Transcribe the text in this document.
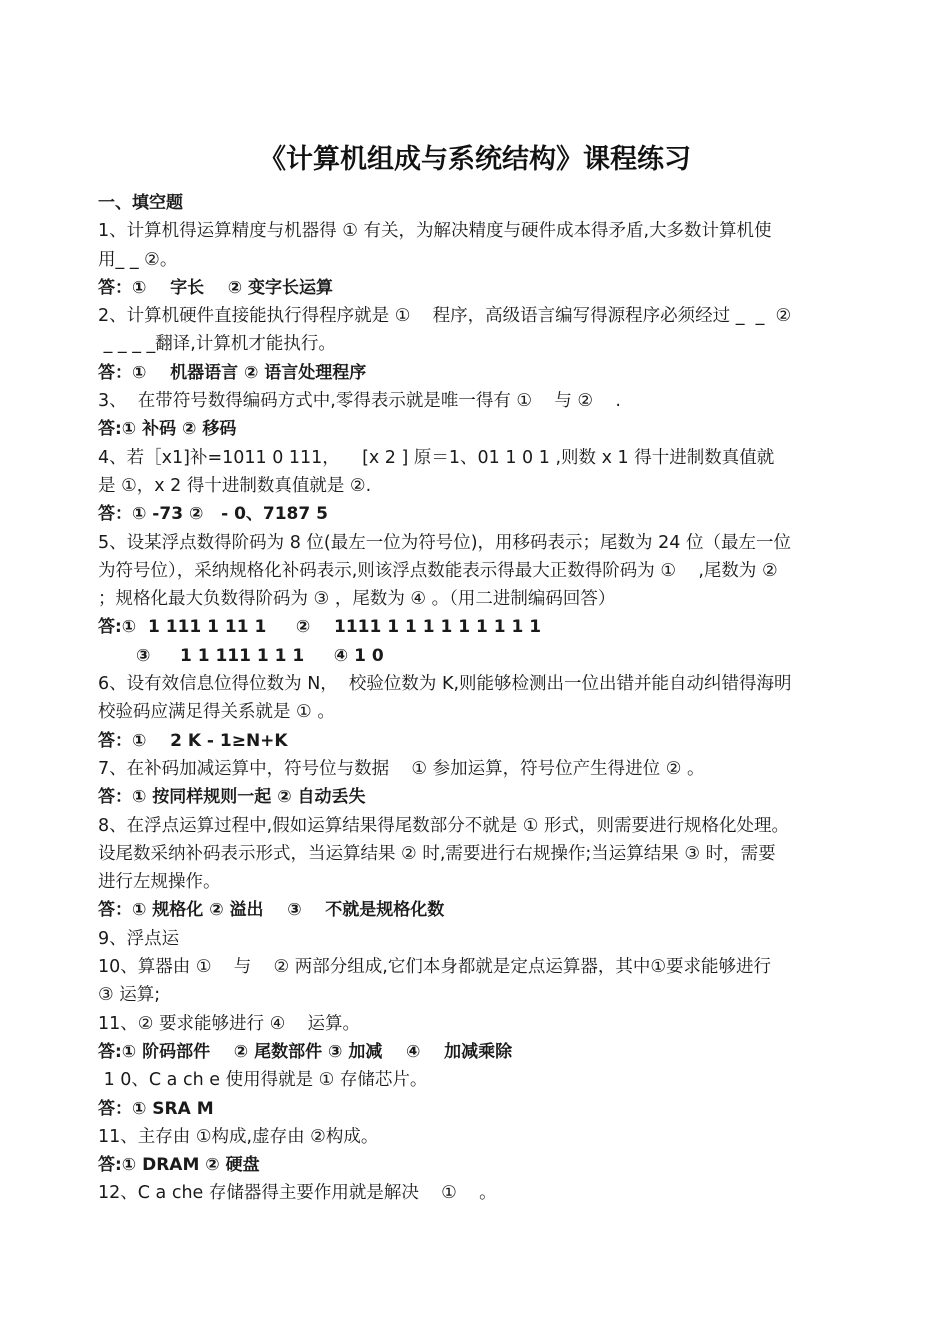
《计算机组成与系统结构》课程练习
一、填空题
1、计算机得运算精度与机器得 ① 有关，为解决精度与硬件成本得矛盾,大多数计算机使
用_ _ ②。
答：①    字长    ② 变字长运算
2、计算机硬件直接能执行得程序就是 ①    程序，高级语言编写得源程序必须经过 _  _  ②
_ _ _ _翻译,计算机才能执行。
答：①    机器语言 ② 语言处理程序
3、  在带符号数得编码方式中,零得表示就是唯一得有 ①    与 ②    .
答:① 补码 ② 移码
4、若［x1]补=1011 0 111，    [x 2 ] 原＝1、01 1 0 1 ,则数 x 1 得十进制数真值就
是 ①，x 2 得十进制数真值就是 ②.
答：① -73 ②   - 0、7187 5
5、设某浮点数得阶码为 8 位(最左一位为符号位)，用移码表示；尾数为 24 位（最左一位
为符号位），采纳规格化补码表示,则该浮点数能表示得最大正数得阶码为 ①    ,尾数为 ②
；规格化最大负数得阶码为 ③ ，尾数为 ④ 。（用二进制编码回答）
答:①  1 111 1 11 1     ②    1111 1 1 1 1 1 1 1 1 1
③     1 1 111 1 1 1     ④ 1 0
6、设有效信息位得位数为 N，  校验位数为 K,则能够检测出一位出错并能自动纠错得海明
校验码应满足得关系就是 ① 。
答：①    2 K - 1≥N+K
7、在补码加减运算中，符号位与数据    ① 参加运算，符号位产生得进位 ② 。
答：① 按同样规则一起 ② 自动丢失
8、在浮点运算过程中,假如运算结果得尾数部分不就是 ① 形式，则需要进行规格化处理。
设尾数采纳补码表示形式，当运算结果 ② 时,需要进行右规操作;当运算结果 ③ 时，需要
进行左规操作。
答：① 规格化 ② 溢出    ③    不就是规格化数
9、浮点运
10、算器由 ①    与    ② 两部分组成,它们本身都就是定点运算器，其中①要求能够进行
③ 运算;
11、② 要求能够进行 ④    运算。
答:① 阶码部件    ② 尾数部件 ③ 加减    ④    加减乘除
1 0、C a ch e 使用得就是 ① 存储芯片。
答：① SRA M
11、主存由 ①构成,虚存由 ②构成。
答:① DRAM ② 硬盘
12、C a che 存储器得主要作用就是解决    ①    。
